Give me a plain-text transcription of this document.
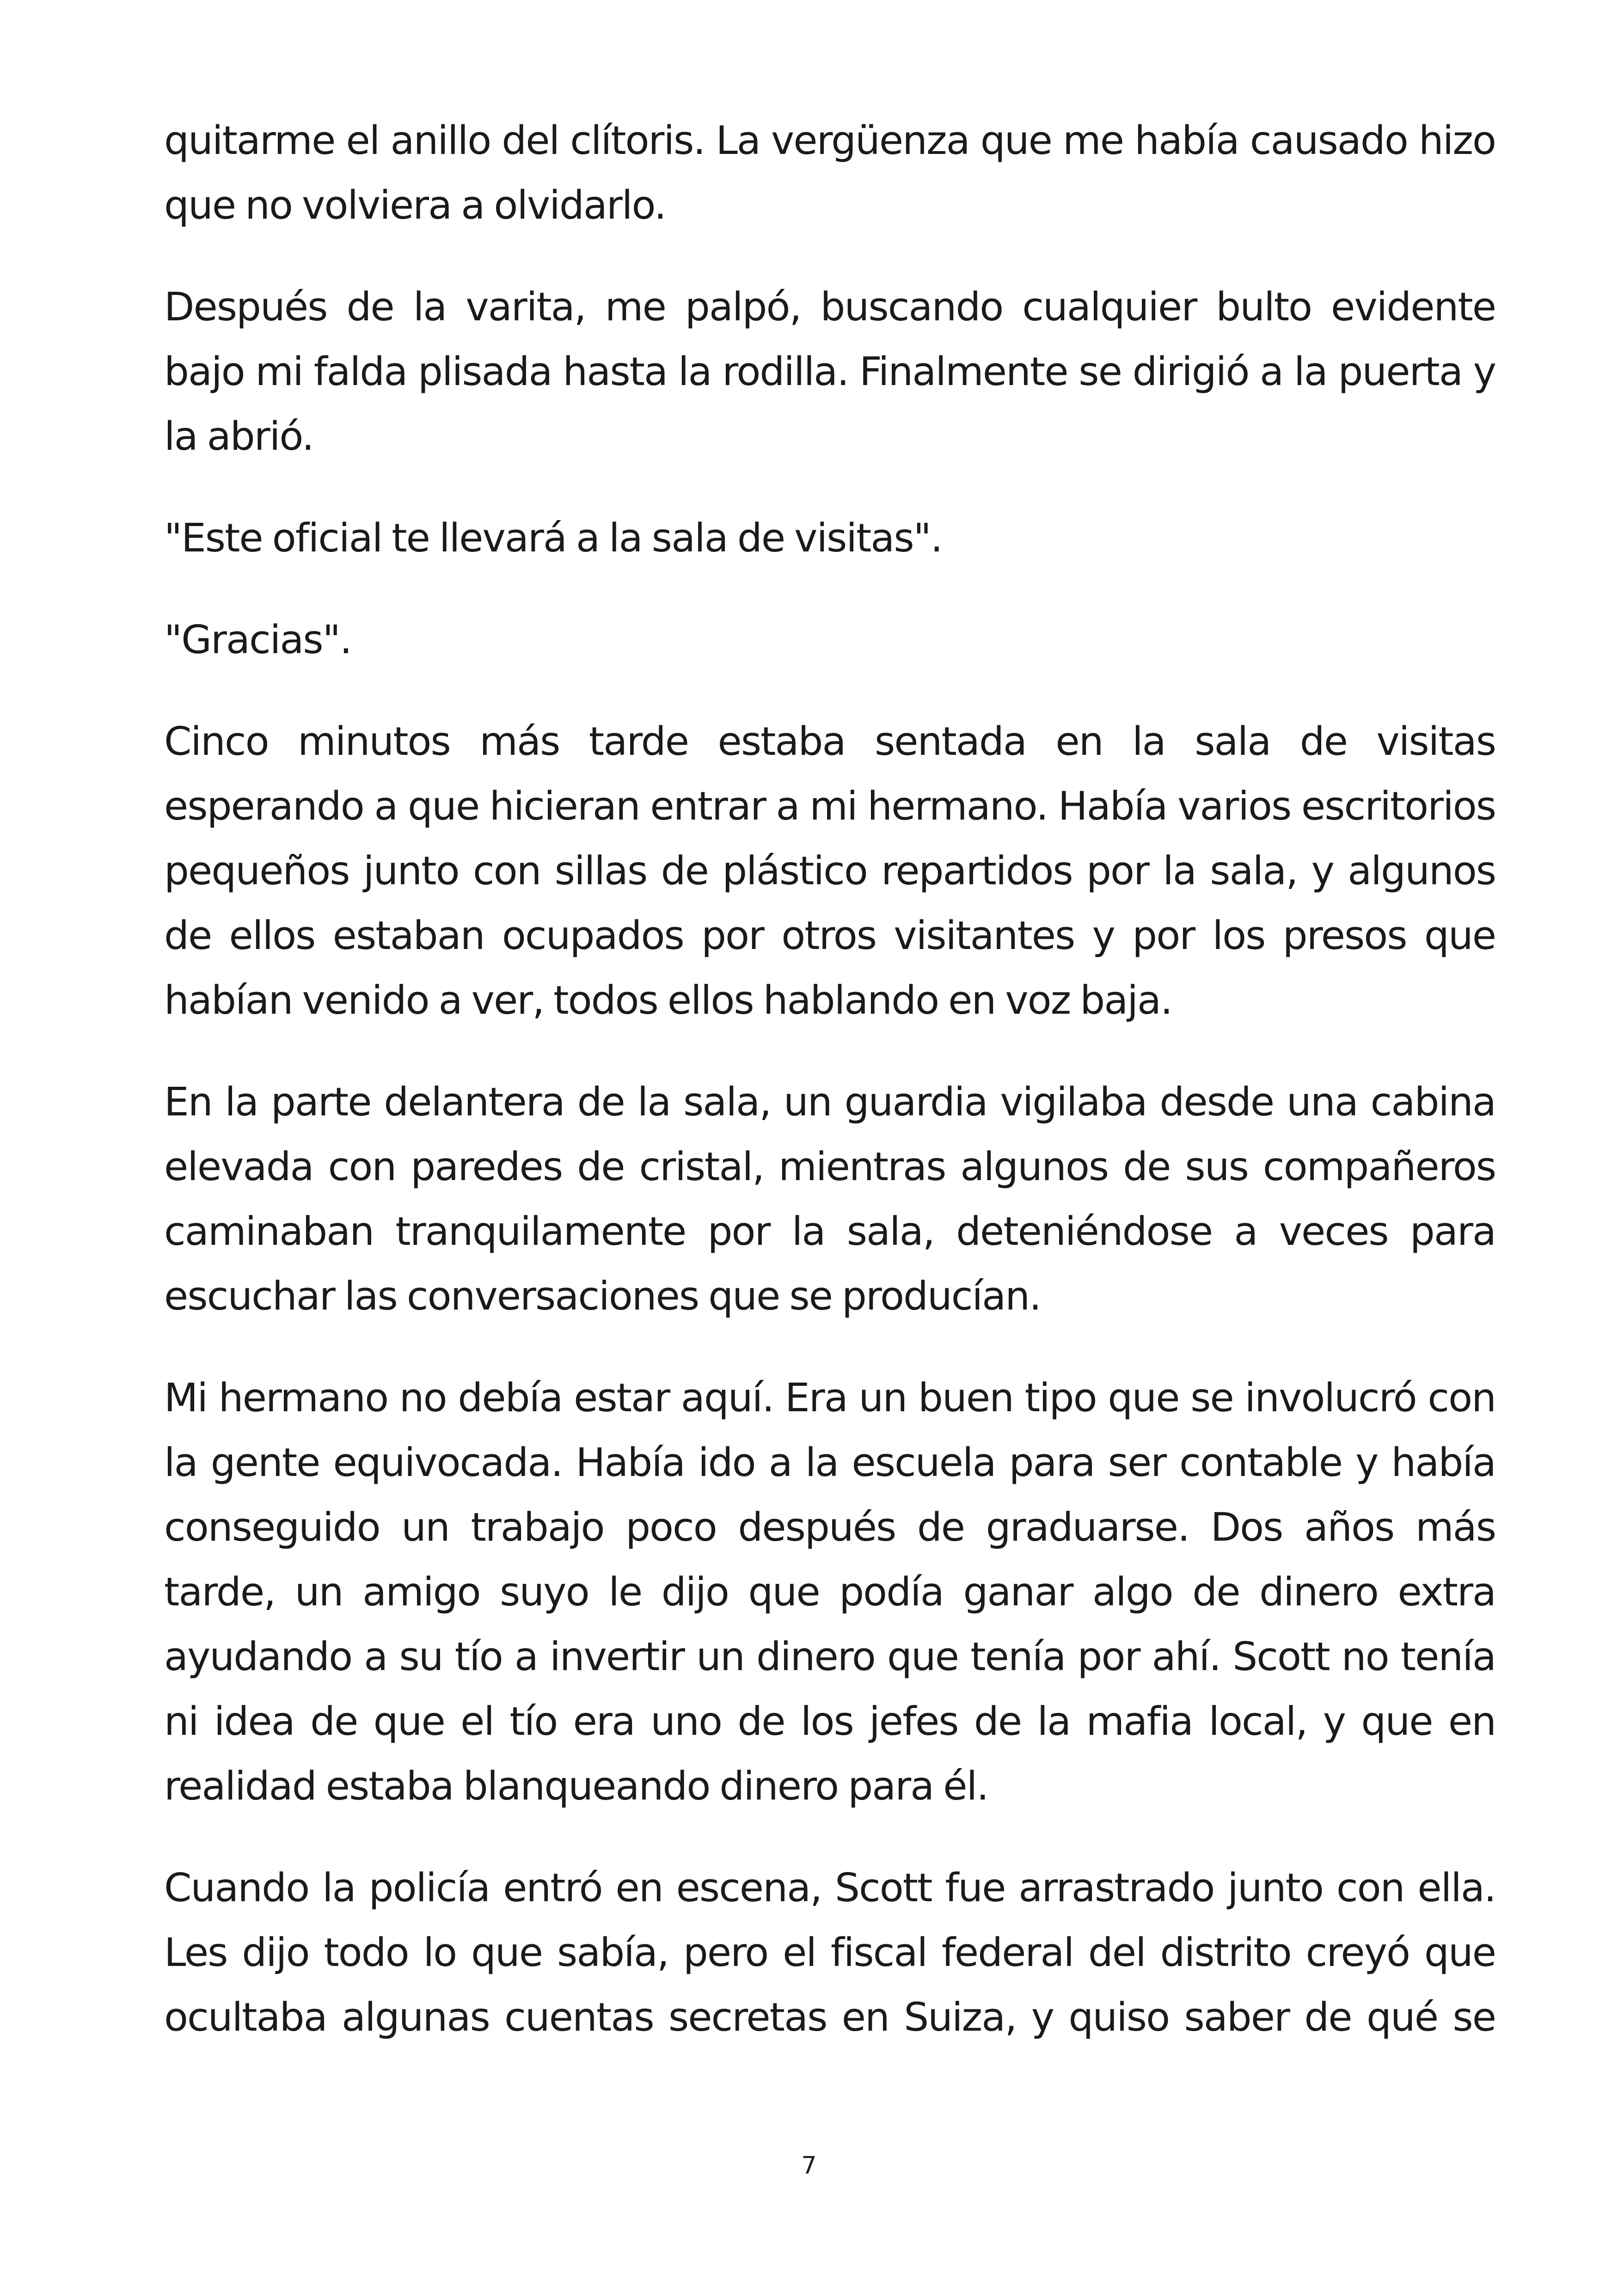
quitarme el anillo del clítoris. La vergüenza que me había causado hizo que no volviera a olvidarlo.

Después de la varita, me palpó, buscando cualquier bulto evidente bajo mi falda plisada hasta la rodilla. Finalmente se dirigió a la puerta y la abrió.

"Este oficial te llevará a la sala de visitas".

"Gracias".

Cinco minutos más tarde estaba sentada en la sala de visitas esperando a que hicieran entrar a mi hermano. Había varios escritorios pequeños junto con sillas de plástico repartidos por la sala, y algunos de ellos estaban ocupados por otros visitantes y por los presos que habían venido a ver, todos ellos hablando en voz baja.

En la parte delantera de la sala, un guardia vigilaba desde una cabina elevada con paredes de cristal, mientras algunos de sus compañeros caminaban tranquilamente por la sala, deteniéndose a veces para escuchar las conversaciones que se producían.

Mi hermano no debía estar aquí. Era un buen tipo que se involucró con la gente equivocada. Había ido a la escuela para ser contable y había conseguido un trabajo poco después de graduarse. Dos años más tarde, un amigo suyo le dijo que podía ganar algo de dinero extra ayudando a su tío a invertir un dinero que tenía por ahí. Scott no tenía ni idea de que el tío era uno de los jefes de la mafia local, y que en realidad estaba blanqueando dinero para él.

Cuando la policía entró en escena, Scott fue arrastrado junto con ella. Les dijo todo lo que sabía, pero el fiscal federal del distrito creyó que ocultaba algunas cuentas secretas en Suiza, y quiso saber de qué se

7
